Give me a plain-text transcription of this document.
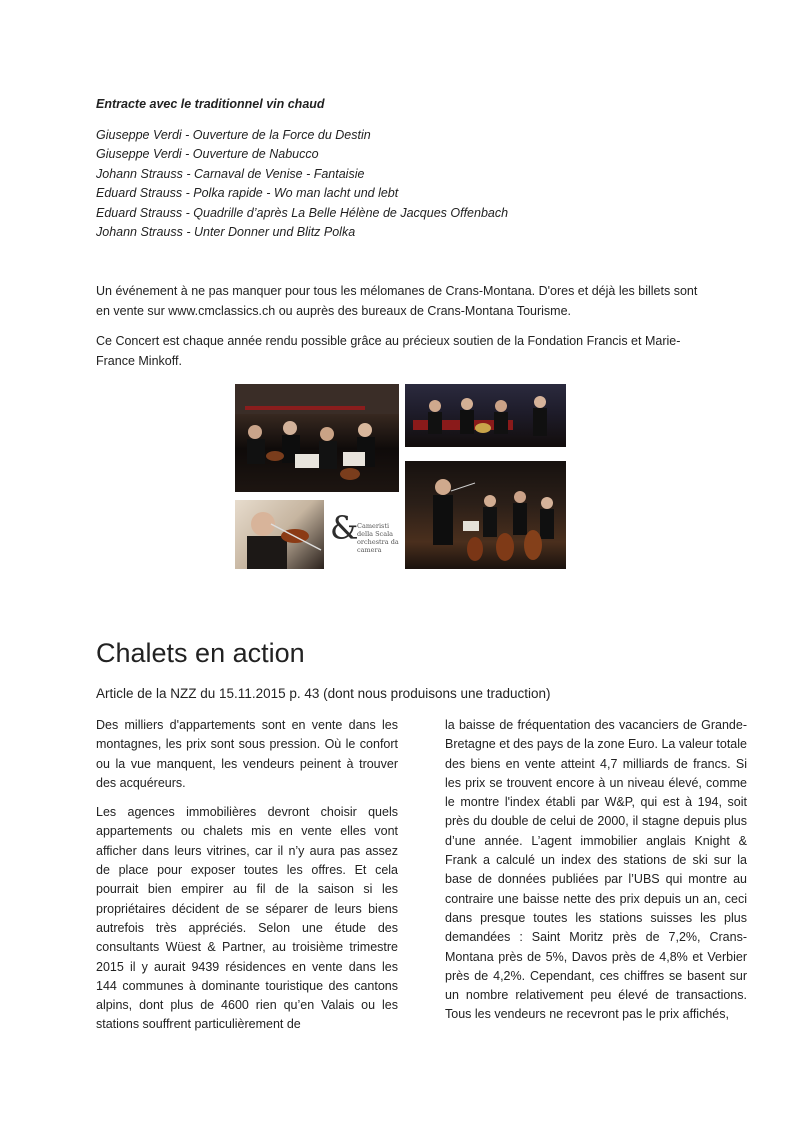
Entracte avec le traditionnel vin chaud

Giuseppe Verdi - Ouverture de la Force du Destin
Giuseppe Verdi - Ouverture de Nabucco
Johann Strauss - Carnaval de Venise - Fantaisie
Eduard Strauss - Polka rapide - Wo man lacht und lebt
Eduard Strauss - Quadrille d’après La Belle Hélène de Jacques Offenbach
Johann Strauss - Unter Donner und Blitz Polka

Un événement à ne pas manquer pour tous les mélomanes de Crans-Montana. D'ores et déjà les billets sont en vente sur www.cmclassics.ch ou auprès des bureaux de Crans-Montana Tourisme.

Ce Concert est chaque année rendu possible grâce au précieux soutien de la Fondation Francis et Marie-France Minkoff.

&
Cameristi
della Scala
orchestra da camera
Chalets en action
Article de la NZZ du 15.11.2015 p. 43 (dont nous produisons une traduction)

Des milliers d'appartements sont en vente dans les montagnes, les prix sont sous pression. Où le confort ou la vue manquent, les vendeurs peinent à trouver des acquéreurs.

Les agences immobilières devront choisir quels appartements ou chalets mis en vente elles vont afficher dans leurs vitrines, car il n’y aura pas assez de place pour exposer toutes les offres. Et cela pourrait bien empirer au fil de la saison si les propriétaires décident de se séparer de leurs biens autrefois très appréciés. Selon une étude des consultants Wüest & Partner, au troisième trimestre 2015 il y aurait 9439 résidences en vente dans les 144 communes à dominante touristique des cantons alpins, dont plus de 4600 rien qu’en Valais ou les stations souffrent particulièrement de

la baisse de fréquentation des vacanciers de Grande-Bretagne et des pays de la zone Euro. La valeur totale des biens en vente atteint 4,7 milliards de francs. Si les prix se trouvent encore à un niveau élevé, comme le montre l'index établi par W&P, qui est à 194, soit près du double de celui de 2000, il stagne depuis plus d’une année. L’agent immobilier anglais Knight & Frank a calculé un index des stations de ski sur la base de données publiées par l’UBS qui montre au contraire une baisse nette des prix depuis un an, ceci dans presque toutes les stations suisses les plus demandées : Saint Moritz près de 7,2%, Crans-Montana près de 5%, Davos près de 4,8% et Verbier près de 4,2%. Cependant, ces chiffres se basent sur un nombre relativement peu élevé de transactions. Tous les vendeurs ne recevront pas le prix affichés,
